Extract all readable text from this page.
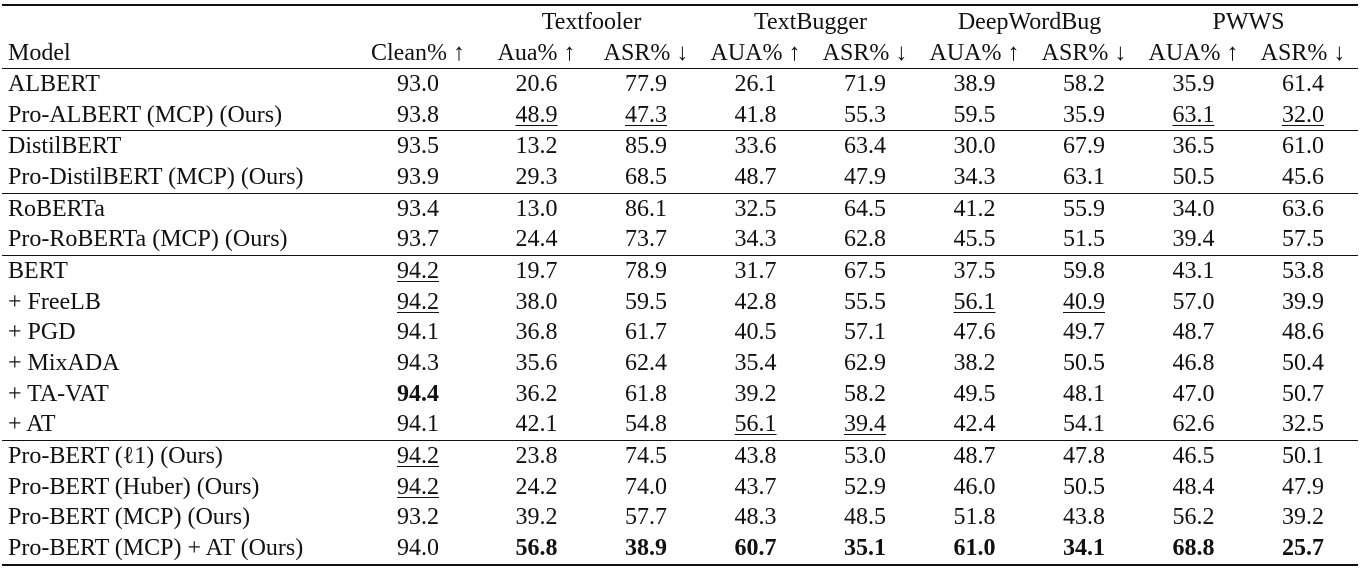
		Textfooler		TextBugger		DeepWordBug		PWWS	
Model	Clean% ↑	Aua% ↑	ASR% ↓	AUA% ↑	ASR% ↓	AUA% ↑	ASR% ↓	AUA% ↑	ASR% ↓
ALBERT	93.0	20.6	77.9	26.1	71.9	38.9	58.2	35.9	61.4
Pro-ALBERT (MCP) (Ours)	93.8	48.9	47.3	41.8	55.3	59.5	35.9	63.1	32.0
DistilBERT	93.5	13.2	85.9	33.6	63.4	30.0	67.9	36.5	61.0
Pro-DistilBERT (MCP) (Ours)	93.9	29.3	68.5	48.7	47.9	34.3	63.1	50.5	45.6
RoBERTa	93.4	13.0	86.1	32.5	64.5	41.2	55.9	34.0	63.6
Pro-RoBERTa (MCP) (Ours)	93.7	24.4	73.7	34.3	62.8	45.5	51.5	39.4	57.5
BERT	94.2	19.7	78.9	31.7	67.5	37.5	59.8	43.1	53.8
+ FreeLB	94.2	38.0	59.5	42.8	55.5	56.1	40.9	57.0	39.9
+ PGD	94.1	36.8	61.7	40.5	57.1	47.6	49.7	48.7	48.6
+ MixADA	94.3	35.6	62.4	35.4	62.9	38.2	50.5	46.8	50.4
+ TA-VAT	94.4	36.2	61.8	39.2	58.2	49.5	48.1	47.0	50.7
+ AT	94.1	42.1	54.8	56.1	39.4	42.4	54.1	62.6	32.5
Pro-BERT (ℓ1) (Ours)	94.2	23.8	74.5	43.8	53.0	48.7	47.8	46.5	50.1
Pro-BERT (Huber) (Ours)	94.2	24.2	74.0	43.7	52.9	46.0	50.5	48.4	47.9
Pro-BERT (MCP) (Ours)	93.2	39.2	57.7	48.3	48.5	51.8	43.8	56.2	39.2
Pro-BERT (MCP) + AT (Ours)	94.0	56.8	38.9	60.7	35.1	61.0	34.1	68.8	25.7
